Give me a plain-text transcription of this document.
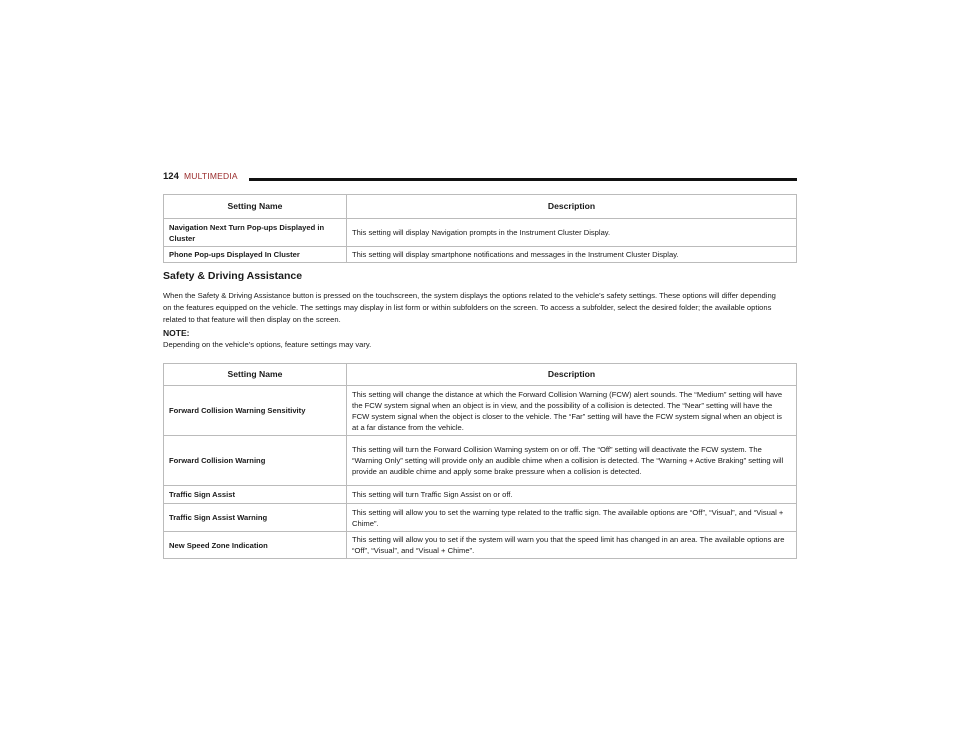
124 MULTIMEDIA
Setting Name	Description
Navigation Next Turn Pop-ups Displayed in Cluster	This setting will display Navigation prompts in the Instrument Cluster Display.
Phone Pop-ups Displayed In Cluster	This setting will display smartphone notifications and messages in the Instrument Cluster Display.
Safety & Driving Assistance
When the Safety & Driving Assistance button is pressed on the touchscreen, the system displays the options related to the vehicle’s safety settings. These options will differ depending on the features equipped on the vehicle. The settings may display in list form or within subfolders on the screen. To access a subfolder, select the desired folder; the available options related to that feature will then display on the screen.
NOTE:
Depending on the vehicle’s options, feature settings may vary.
Setting Name	Description
Forward Collision Warning Sensitivity	This setting will change the distance at which the Forward Collision Warning (FCW) alert sounds. The “Medium” setting will have the FCW system signal when an object is in view, and the possibility of a collision is detected. The “Near” setting will have the FCW system signal when the object is closer to the vehicle. The “Far” setting will have the FCW system signal when an object is at a far distance from the vehicle.
Forward Collision Warning	This setting will turn the Forward Collision Warning system on or off. The “Off” setting will deactivate the FCW system. The “Warning Only” setting will provide only an audible chime when a collision is detected. The “Warning + Active Braking” setting will provide an audible chime and apply some brake pressure when a collision is detected.
Traffic Sign Assist	This setting will turn Traffic Sign Assist on or off.
Traffic Sign Assist Warning	This setting will allow you to set the warning type related to the traffic sign. The available options are “Off”, “Visual”, and “Visual + Chime”.
New Speed Zone Indication	This setting will allow you to set if the system will warn you that the speed limit has changed in an area. The available options are “Off”, “Visual”, and “Visual + Chime”.
